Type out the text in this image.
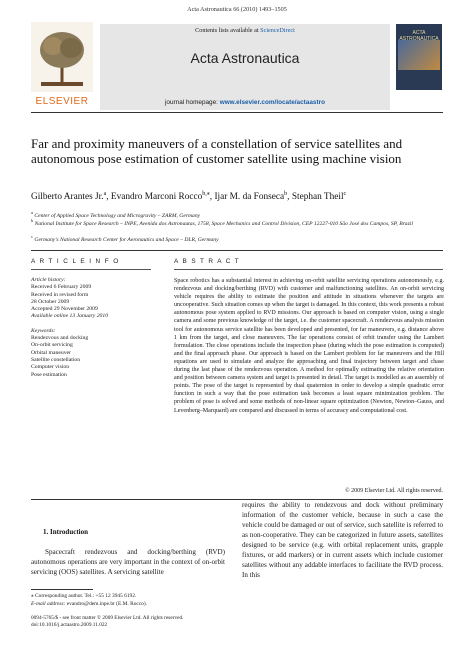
Acta Astronautica 66 (2010) 1493–1505
ELSEVIER
Contents lists available at ScienceDirect
Acta Astronautica
journal homepage: www.elsevier.com/locate/actaastro
ACTA ASTRONAUTICA
Far and proximity maneuvers of a constellation of service satellites and autonomous pose estimation of customer satellite using machine vision
Gilberto Arantes Jr.$^a$, Evandro Marconi Rocco$^{b,⁎}$, Ijar M. da Fonseca$^b$, Stephan Theil$^c$
$^a$ Center of Applied Space Technology and Microgravity – ZARM, Germany
$^b$ National Institute for Space Research – INPE, Avenida dos Astronautas, 1758, Space Mechanics and Control Division, CEP 12227-010 São José dos Campos, SP, Brazil
$^c$ Germany's National Research Center for Aeronautics and Space – DLR, Germany
A R T I C L E I N F O	A B S T R A C T
Article history:
Received 6 February 2009
Received in revised form
28 October 2009
Accepted 29 November 2009
Available online 13 January 2010
Keywords:
Rendezvous and docking
On-orbit servicing
Orbital maneuver
Satellite constellation
Computer vision
Pose estimation
Space robotics has a substantial interest in achieving on-orbit satellite servicing operations autonomously, e.g. rendezvous and docking/berthing (RVD) with customer and malfunctioning satellites. An on-orbit servicing vehicle requires the ability to estimate the position and attitude in situations whenever the targets are uncooperative. Such situation comes up when the target is damaged. In this context, this work presents a robust autonomous pose system applied to RVD missions. Our approach is based on computer vision, using a single camera and some previous knowledge of the target, i.e. the customer spacecraft. A rendezvous analysis mission tool for autonomous service satellite has been developed and presented, for far maneuvers, e.g. distance above 1 km from the target, and close maneuvers. The far operations consist of orbit transfer using the Lambert formulation. The close operations include the inspection phase (during which the pose estimation is computed) and the final approach phase. Our approach is based on the Lambert problem for far maneuvers and the Hill equations are used to simulate and analyze the approaching and final trajectory between target and chase during the last phase of the rendezvous operation. A method for optimally estimating the relative orientation and position between camera system and target is presented in detail. The target is modelled as an assembly of points. The pose of the target is represented by dual quaternion in order to develop a simple quadratic error function in such a way that the pose estimation task becomes a least square minimization problem. The problem of pose is solved and some methods of non-linear square optimization (Newton, Newton–Gauss, and Levenberg–Marquard) are compared and discussed in terms of accuracy and computational cost.
© 2009 Elsevier Ltd. All rights reserved.
1. Introduction
Spacecraft rendezvous and docking/berthing (RVD) autonomous operations are very important in the context of on-orbit servicing (OOS) satellites. A servicing satellite
requires the ability to rendezvous and dock without preliminary information of the customer vehicle, because in such a case the vehicle could be damaged or out of service, such satellite is referred to as non-cooperative. They can be categorized in future assets, satellites designed to be service (e.g. with orbital replacement units, grapple fixtures, or add markers) or in current assets which include customer satellites without any addable interfaces to facilitate the RVD process. In this
⁎ Corresponding author. Tel.: +55 12 3945 6192.
E-mail address: evandro@dem.inpe.br (E.M. Rocco).
0094-5765/$ - see front matter © 2009 Elsevier Ltd. All rights reserved.
doi:10.1016/j.actaastro.2009.11.022
